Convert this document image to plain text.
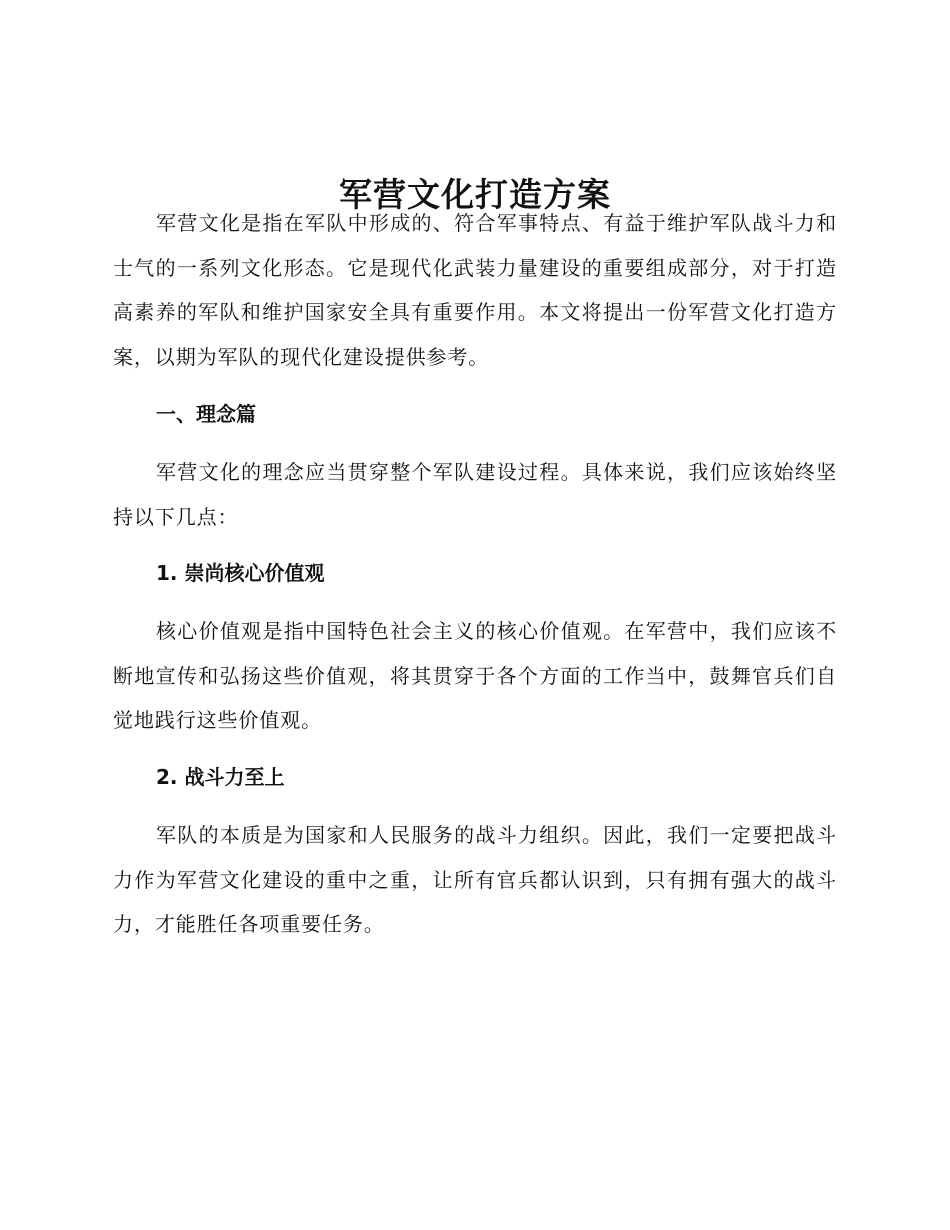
军营文化打造方案

军营文化是指在军队中形成的、符合军事特点、有益于维护军队战斗力和士气的一系列文化形态。它是现代化武装力量建设的重要组成部分，对于打造高素养的军队和维护国家安全具有重要作用。本文将提出一份军营文化打造方案，以期为军队的现代化建设提供参考。

一、理念篇

军营文化的理念应当贯穿整个军队建设过程。具体来说，我们应该始终坚持以下几点：

1. 崇尚核心价值观

核心价值观是指中国特色社会主义的核心价值观。在军营中，我们应该不断地宣传和弘扬这些价值观，将其贯穿于各个方面的工作当中，鼓舞官兵们自觉地践行这些价值观。

2. 战斗力至上

军队的本质是为国家和人民服务的战斗力组织。因此，我们一定要把战斗力作为军营文化建设的重中之重，让所有官兵都认识到，只有拥有强大的战斗力，才能胜任各项重要任务。
